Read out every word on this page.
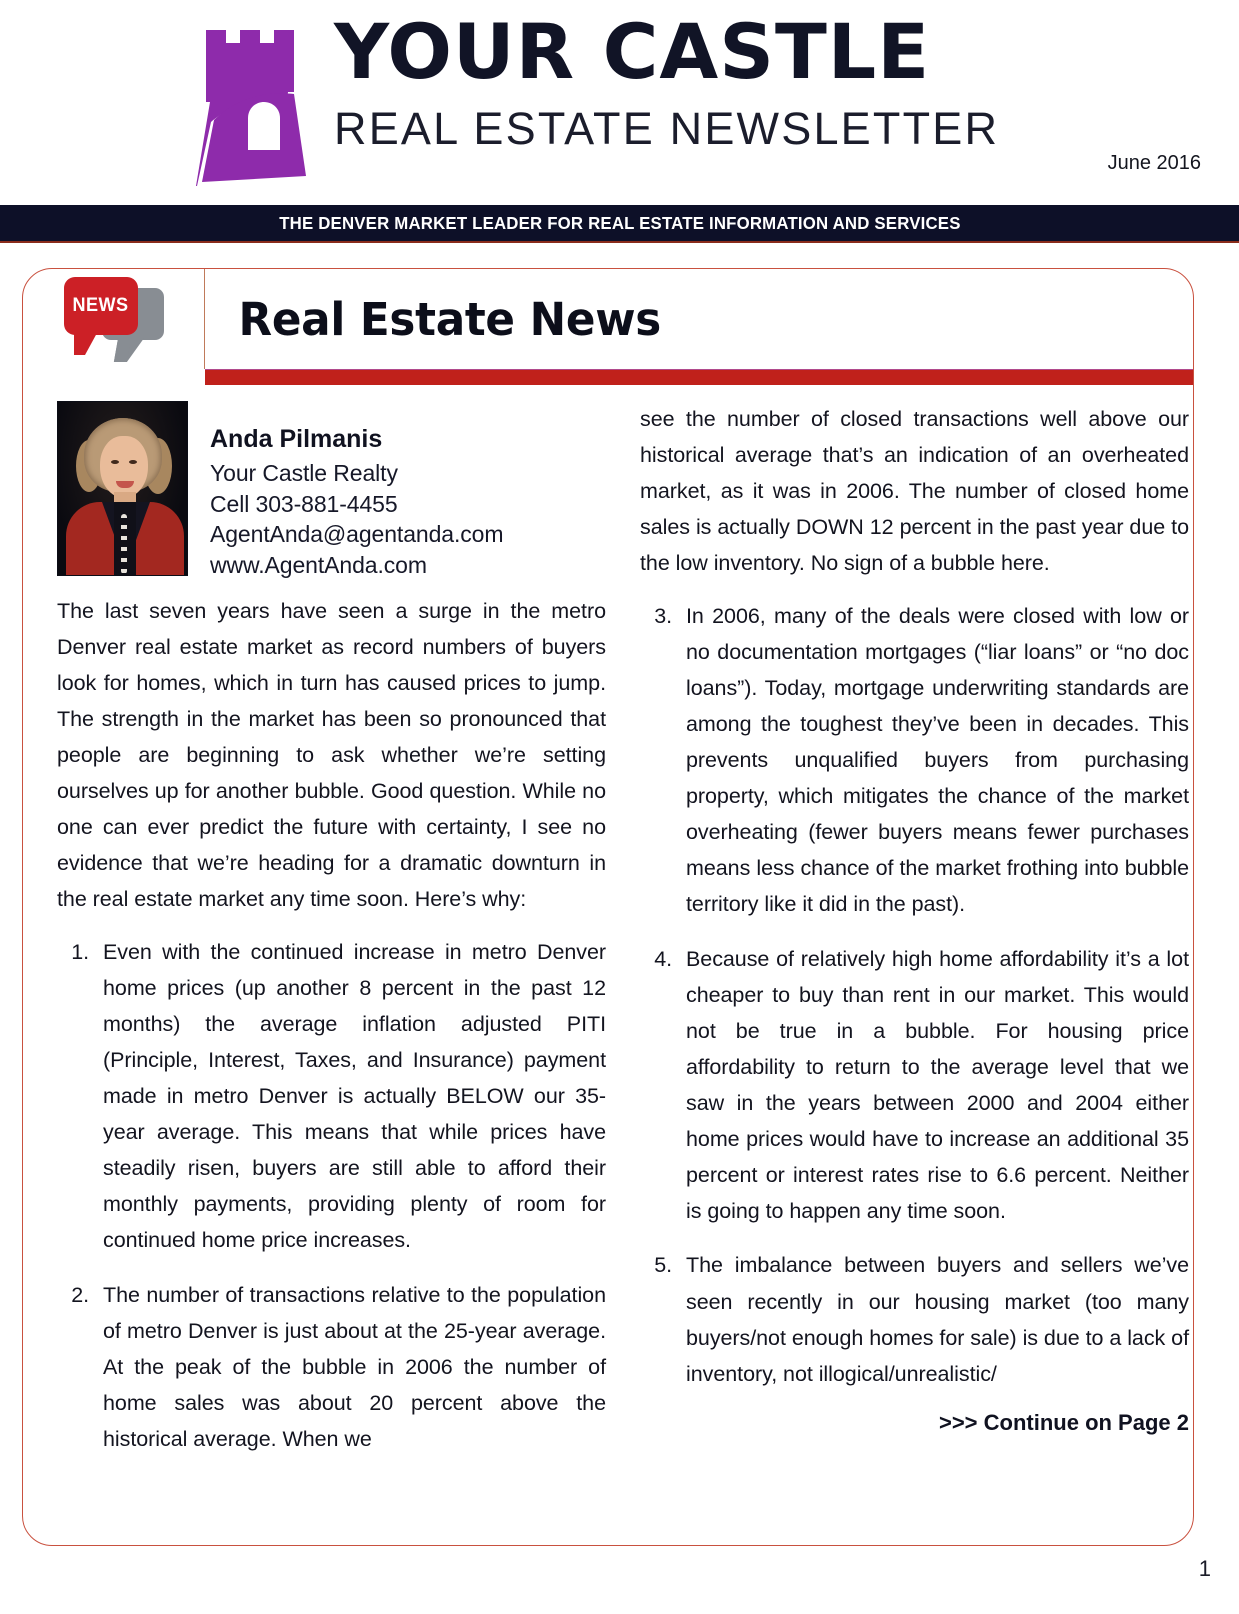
YOUR CASTLE
REAL ESTATE NEWSLETTER
June 2016
THE DENVER MARKET LEADER FOR REAL ESTATE INFORMATION AND SERVICES
NEWS Real Estate News
Anda Pilmanis
Your Castle Realty
Cell 303-881-4455
AgentAnda@agentanda.com
www.AgentAnda.com

The last seven years have seen a surge in the metro Denver real estate market as record numbers of buyers look for homes, which in turn has caused prices to jump. The strength in the market has been so pronounced that people are beginning to ask whether we’re setting ourselves up for another bubble. Good question. While no one can ever predict the future with certainty, I see no evidence that we’re heading for a dramatic downturn in the real estate market any time soon. Here’s why:

1. Even with the continued increase in metro Denver home prices (up another 8 percent in the past 12 months) the average inflation adjusted PITI (Principle, Interest, Taxes, and Insurance) payment made in metro Denver is actually BELOW our 35-year average. This means that while prices have steadily risen, buyers are still able to afford their monthly payments, providing plenty of room for continued home price increases.
2. The number of transactions relative to the population of metro Denver is just about at the 25-year average. At the peak of the bubble in 2006 the number of home sales was about 20 percent above the historical average. When we

see the number of closed transactions well above our historical average that’s an indication of an overheated market, as it was in 2006. The number of closed home sales is actually DOWN 12 percent in the past year due to the low inventory. No sign of a bubble here.

3. In 2006, many of the deals were closed with low or no documentation mortgages (“liar loans” or “no doc loans”). Today, mortgage underwriting standards are among the toughest they’ve been in decades. This prevents unqualified buyers from purchasing property, which mitigates the chance of the market overheating (fewer buyers means fewer purchases means less chance of the market frothing into bubble territory like it did in the past).
4. Because of relatively high home affordability it’s a lot cheaper to buy than rent in our market. This would not be true in a bubble. For housing price affordability to return to the average level that we saw in the years between 2000 and 2004 either home prices would have to increase an additional 35 percent or interest rates rise to 6.6 percent. Neither is going to happen any time soon.
5. The imbalance between buyers and sellers we’ve seen recently in our housing market (too many buyers/not enough homes for sale) is due to a lack of inventory, not illogical/unrealistic/
>>> Continue on Page 2
1
